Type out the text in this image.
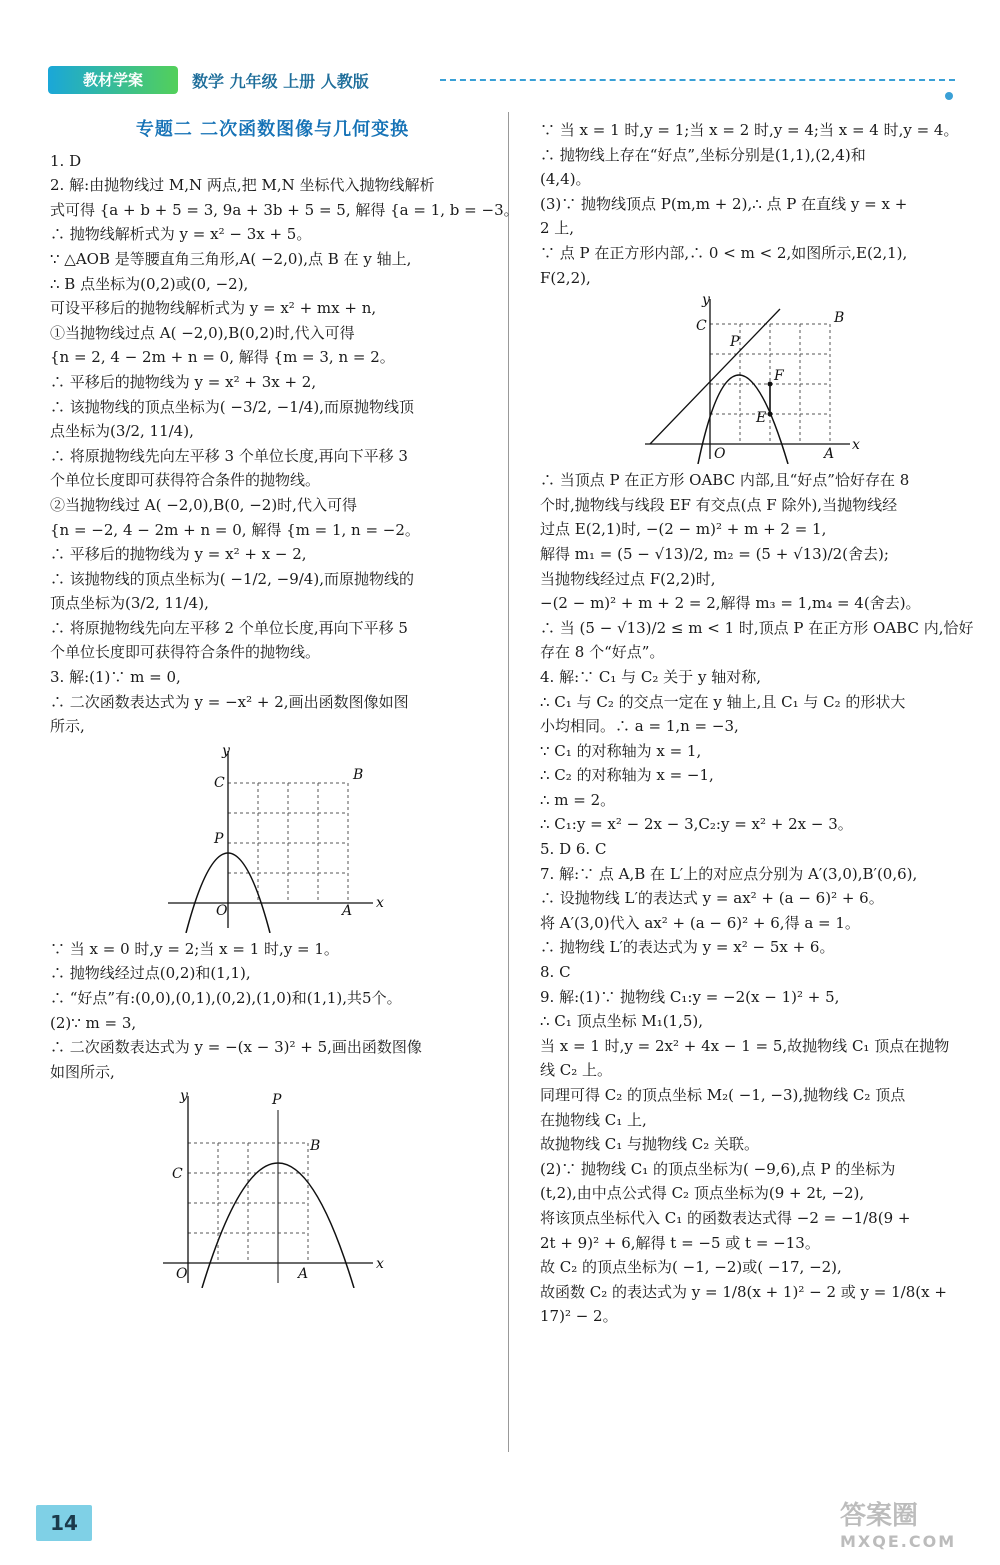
教材学案	数学 九年级 上册 人教版
专题二 二次函数图像与几何变换
1. D
2. 解:由抛物线过 M,N 两点,把 M,N 坐标代入抛物线解析
式可得 {a + b + 5 = 3, 9a + 3b + 5 = 5, 解得 {a = 1, b = −3。
∴ 抛物线解析式为 y = x² − 3x + 5。
∵ △AOB 是等腰直角三角形,A( −2,0),点 B 在 y 轴上,
∴ B 点坐标为(0,2)或(0, −2),
可设平移后的抛物线解析式为 y = x² + mx + n,
①当抛物线过点 A( −2,0),B(0,2)时,代入可得
{n = 2, 4 − 2m + n = 0, 解得 {m = 3, n = 2。
∴ 平移后的抛物线为 y = x² + 3x + 2,
∴ 该抛物线的顶点坐标为( −3/2, −1/4),而原抛物线顶
点坐标为(3/2, 11/4),
∴ 将原抛物线先向左平移 3 个单位长度,再向下平移 3
个单位长度即可获得符合条件的抛物线。
②当抛物线过 A( −2,0),B(0, −2)时,代入可得
{n = −2, 4 − 2m + n = 0, 解得 {m = 1, n = −2。
∴ 平移后的抛物线为 y = x² + x − 2,
∴ 该抛物线的顶点坐标为( −1/2, −9/4),而原抛物线的
顶点坐标为(3/2, 11/4),
∴ 将原抛物线先向左平移 2 个单位长度,再向下平移 5
个单位长度即可获得符合条件的抛物线。
3. 解:(1)∵ m = 0,
∴ 二次函数表达式为 y = −x² + 2,画出函数图像如图
所示,
y
x
O	A
B
C
P
∵ 当 x = 0 时,y = 2;当 x = 1 时,y = 1。
∴ 抛物线经过点(0,2)和(1,1),
∴ “好点”有:(0,0),(0,1),(0,2),(1,0)和(1,1),共5个。
(2)∵ m = 3,
∴ 二次函数表达式为 y = −(x − 3)² + 5,画出函数图像
如图所示,
y
x
O	A
B
C
P
∵ 当 x = 1 时,y = 1;当 x = 2 时,y = 4;当 x = 4 时,y = 4。
∴ 抛物线上存在“好点”,坐标分别是(1,1),(2,4)和
(4,4)。
(3)∵ 抛物线顶点 P(m,m + 2),∴ 点 P 在直线 y = x +
2 上,
∵ 点 P 在正方形内部,∴ 0 < m < 2,如图所示,E(2,1),
F(2,2),
y
x
O	A
B
C
P
F
E
∴ 当顶点 P 在正方形 OABC 内部,且“好点”恰好存在 8
个时,抛物线与线段 EF 有交点(点 F 除外),当抛物线经
过点 E(2,1)时, −(2 − m)² + m + 2 = 1,
解得 m₁ = (5 − √13)/2, m₂ = (5 + √13)/2(舍去);
当抛物线经过点 F(2,2)时,
−(2 − m)² + m + 2 = 2,解得 m₃ = 1,m₄ = 4(舍去)。
∴ 当 (5 − √13)/2 ≤ m < 1 时,顶点 P 在正方形 OABC 内,恰好
存在 8 个“好点”。
4. 解:∵ C₁ 与 C₂ 关于 y 轴对称,
∴ C₁ 与 C₂ 的交点一定在 y 轴上,且 C₁ 与 C₂ 的形状大
小均相同。∴ a = 1,n = −3,
∵ C₁ 的对称轴为 x = 1,
∴ C₂ 的对称轴为 x = −1,
∴ m = 2。
∴ C₁:y = x² − 2x − 3,C₂:y = x² + 2x − 3。
5. D 6. C
7. 解:∵ 点 A,B 在 L′上的对应点分别为 A′(3,0),B′(0,6),
∴ 设抛物线 L′的表达式 y = ax² + (a − 6)² + 6。
将 A′(3,0)代入 ax² + (a − 6)² + 6,得 a = 1。
∴ 抛物线 L′的表达式为 y = x² − 5x + 6。
8. C
9. 解:(1)∵ 抛物线 C₁:y = −2(x − 1)² + 5,
∴ C₁ 顶点坐标 M₁(1,5),
当 x = 1 时,y = 2x² + 4x − 1 = 5,故抛物线 C₁ 顶点在抛物
线 C₂ 上。
同理可得 C₂ 的顶点坐标 M₂( −1, −3),抛物线 C₂ 顶点
在抛物线 C₁ 上,
故抛物线 C₁ 与抛物线 C₂ 关联。
(2)∵ 抛物线 C₁ 的顶点坐标为( −9,6),点 P 的坐标为
(t,2),由中点公式得 C₂ 顶点坐标为(9 + 2t, −2),
将该顶点坐标代入 C₁ 的函数表达式得 −2 = −1/8(9 +
2t + 9)² + 6,解得 t = −5 或 t = −13。
故 C₂ 的顶点坐标为( −1, −2)或( −17, −2),
故函数 C₂ 的表达式为 y = 1/8(x + 1)² − 2 或 y = 1/8(x +
17)² − 2。
14	答案圈
MXQE.COM
